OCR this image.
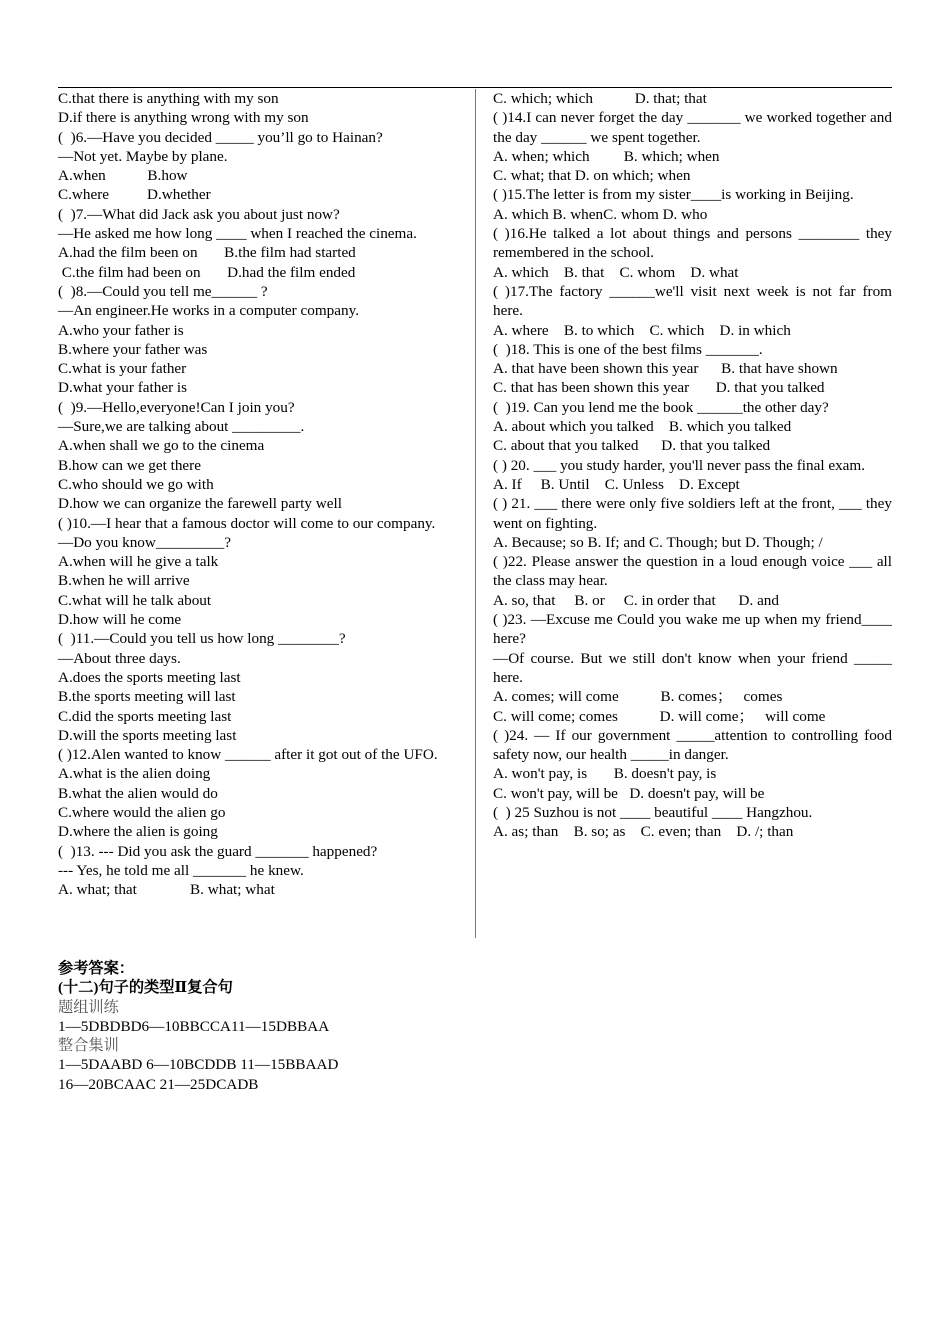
C.that there is anything with my son
D.if there is anything wrong with my son
(  )6.—Have you decided _____ you’ll go to Hainan?
—Not yet. Maybe by plane.
A.when           B.how
C.where          D.whether
(  )7.—What did Jack ask you about just now?
—He asked me how long ____ when I reached the cinema.
A.had the film been on       B.the film had started
C.the film had been on       D.had the film ended
(  )8.—Could you tell me______ ?
—An engineer.He works in a computer company.
A.who your father is
B.where your father was
C.what is your father
D.what your father is
(  )9.—Hello,everyone!Can I join you?
—Sure,we are talking about _________.
A.when shall we go to the cinema
B.how can we get there
C.who should we go with
D.how we can organize the farewell party well
( )10.—I hear that a famous doctor will come to our company.
—Do you know_________?
A.when will he give a talk
B.when he will arrive
C.what will he talk about
D.how will he come
(  )11.—Could you tell us how long ________?
—About three days.
A.does the sports meeting last
B.the sports meeting will last
C.did the sports meeting last
D.will the sports meeting last
( )12.Alen wanted to know ______ after it got out of the UFO.
A.what is the alien doing
B.what the alien would do
C.where would the alien go
D.where the alien is going
(  )13. --- Did you ask the guard _______ happened?
--- Yes, he told me all _______ he knew.
A. what; that              B. what; what
C. which; which           D. that; that
( )14.I can never forget the day _______ we worked together and the day ______ we spent together.
A. when; which         B. which; when
C. what; that D. on which; when
( )15.The letter is from my sister____is working in Beijing.
A. which B. whenC. whom D. who
( )16.He talked a lot about things and persons ________ they remembered in the school.
A. which    B. that    C. whom    D. what
( )17.The factory ______we'll visit next week is not far from here.
A. where    B. to which    C. which    D. in which
(  )18. This is one of the best films _______.
A. that have been shown this year      B. that have shown
C. that has been shown this year       D. that you talked
(  )19. Can you lend me the book ______the other day?
A. about which you talked    B. which you talked
C. about that you talked      D. that you talked
( ) 20. ___ you study harder, you'll never pass the final exam.
A. If     B. Until    C. Unless    D. Except
( ) 21. ___ there were only five soldiers left at the front, ___ they went on fighting.
A. Because; so B. If; and C. Though; but D. Though; /
( )22. Please answer the question in a loud enough voice ___ all the class may hear.
A. so, that     B. or     C. in order that      D. and
( )23. —Excuse me Could you wake me up when my friend____ here?
—Of course. But we still don't know when your friend _____ here.
A. comes; will come           B. comes；   comes
C. will come; comes           D. will come；   will come
( )24. — If our government _____attention to controlling food safety now, our health _____in danger.
A. won't pay, is       B. doesn't pay, is
C. won't pay, will be   D. doesn't pay, will be
(  ) 25 Suzhou is not ____ beautiful ____ Hangzhou.
A. as; than    B. so; as    C. even; than    D. /; than
参考答案：
(十二)句子的类型Ⅱ复合句
题组训练
1—5DBDBD6—10BBCCA11—15DBBAA
整合集训
1—5DAABD 6—10BCDDB 11—15BBAAD
16—20BCAAC 21—25DCADB
